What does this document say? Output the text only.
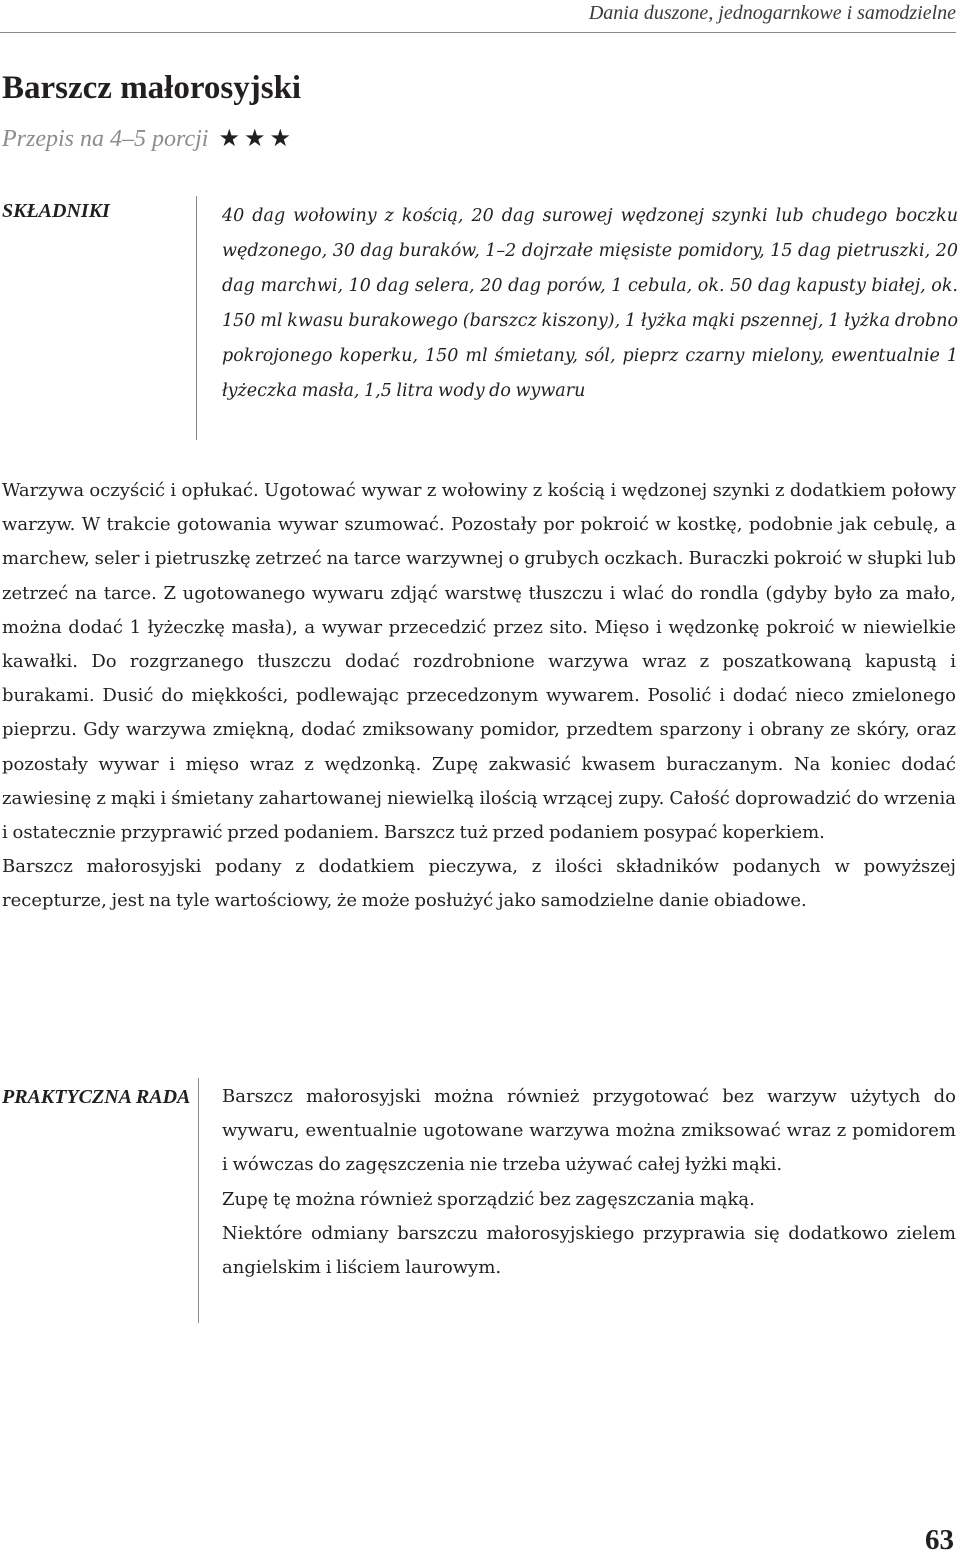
Dania duszone, jednogarnkowe i samodzielne
Barszcz małorosyjski
Przepis na 4–5 porcji ★★★
SKŁADNIKI	40 dag wołowiny z kością, 20 dag surowej wędzonej szynki lub chudego boczku wędzonego, 30 dag buraków, 1–2 dojrzałe mięsiste pomidory, 15 dag pietruszki, 20 dag marchwi, 10 dag selera, 20 dag porów, 1 cebula, ok. 50 dag kapusty białej, ok. 150 ml kwasu burakowego (barszcz kiszony), 1 łyżka mąki pszennej, 1 łyżka drobno pokrojonego koperku, 150 ml śmietany, sól, pieprz czarny mielony, ewentualnie 1 łyżeczka masła, 1,5 litra wody do wywaru

Warzywa oczyścić i opłukać. Ugotować wywar z wołowiny z kością i wędzonej szynki z dodatkiem połowy warzyw. W trakcie gotowania wywar szumować. Pozostały por pokroić w kostkę, podobnie jak cebulę, a marchew, seler i pietruszkę zetrzeć na tarce warzywnej o grubych oczkach. Buraczki pokroić w słupki lub zetrzeć na tarce. Z ugotowanego wywaru zdjąć warstwę tłuszczu i wlać do rondla (gdyby było za mało, można dodać 1 łyżeczkę masła), a wywar przecedzić przez sito. Mięso i wędzonkę pokroić w niewielkie kawałki. Do rozgrzanego tłuszczu dodać rozdrobnione warzywa wraz z poszatkowaną kapustą i burakami. Dusić do miękkości, podlewając przecedzonym wywarem. Posolić i dodać nieco zmielonego pieprzu. Gdy warzywa zmiękną, dodać zmiksowany pomidor, przedtem sparzony i obrany ze skóry, oraz pozostały wywar i mięso wraz z wędzonką. Zupę zakwasić kwasem buraczanym. Na koniec dodać zawiesinę z mąki i śmietany zahartowanej niewielką ilością wrzącej zupy. Całość doprowadzić do wrzenia i ostatecznie przyprawić przed podaniem. Barszcz tuż przed podaniem posypać koperkiem.

Barszcz małorosyjski podany z dodatkiem pieczywa, z ilości składników podanych w powyższej recepturze, jest na tyle wartościowy, że może posłużyć jako samodzielne danie obiadowe.

PRAKTYCZNA RADA Barszcz małorosyjski można również przygotować bez warzyw użytych do wywaru, ewentualnie ugotowane warzywa można zmiksować wraz z pomidorem i wówczas do zagęszczenia nie trzeba używać całej łyżki mąki.

Zupę tę można również sporządzić bez zagęszczania mąką.

Niektóre odmiany barszczu małorosyjskiego przyprawia się dodatkowo zielem angielskim i liściem laurowym.

63
